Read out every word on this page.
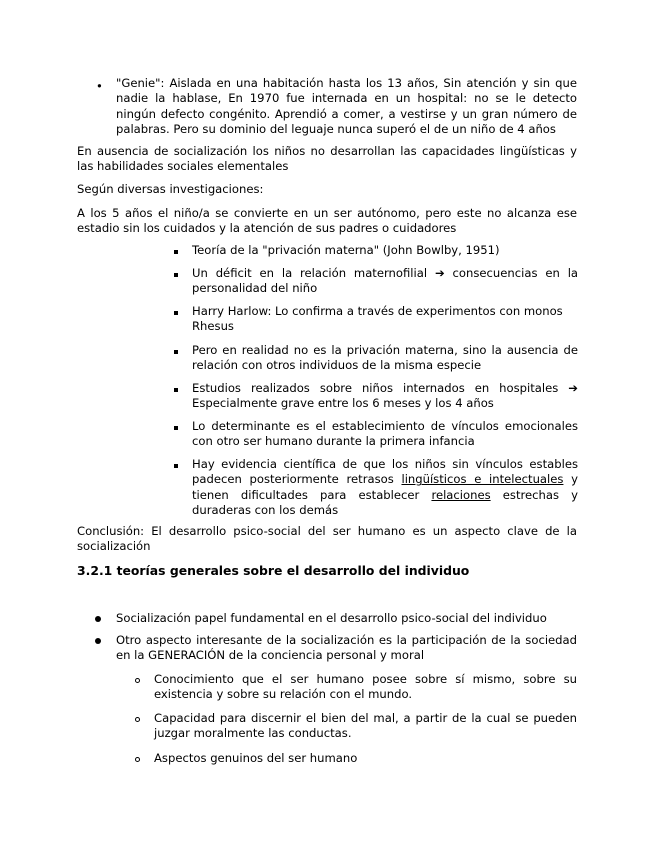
• "Genie": Aislada en una habitación hasta los 13 años, Sin atención y sin que nadie la hablase, En 1970 fue internada en un hospital: no se le detecto ningún defecto congénito. Aprendió a comer, a vestirse y un gran número de palabras. Pero su dominio del leguaje nunca superó el de un niño de 4 años

En ausencia de socialización los niños no desarrollan las capacidades lingüísticas y las habilidades sociales elementales

Según diversas investigaciones:

A los 5 años el niño/a se convierte en un ser autónomo, pero este no alcanza ese estadio sin los cuidados y la atención de sus padres o cuidadores

Teoría de la "privación materna" (John Bowlby, 1951)

Un déficit en la relación maternofilial ➔ consecuencias en la personalidad del niño

Harry Harlow: Lo confirma a través de experimentos con monos Rhesus

Pero en realidad no es la privación materna, sino la ausencia de relación con otros individuos de la misma especie

Estudios realizados sobre niños internados en hospitales ➔ Especialmente grave entre los 6 meses y los 4 años

Lo determinante es el establecimiento de vínculos emocionales con otro ser humano durante la primera infancia

Hay evidencia científica de que los niños sin vínculos estables padecen posteriormente retrasos lingüísticos e intelectuales y tienen dificultades para establecer relaciones estrechas y duraderas con los demás

Conclusión: El desarrollo psico-social del ser humano es un aspecto clave de la socialización

3.2.1 teorías generales sobre el desarrollo del individuo

Socialización papel fundamental en el desarrollo psico-social del individuo

Otro aspecto interesante de la socialización es la participación de la sociedad en la GENERACIÓN de la conciencia personal y moral

Conocimiento que el ser humano posee sobre sí mismo, sobre su existencia y sobre su relación con el mundo.

Capacidad para discernir el bien del mal, a partir de la cual se pueden juzgar moralmente las conductas.

Aspectos genuinos del ser humano
